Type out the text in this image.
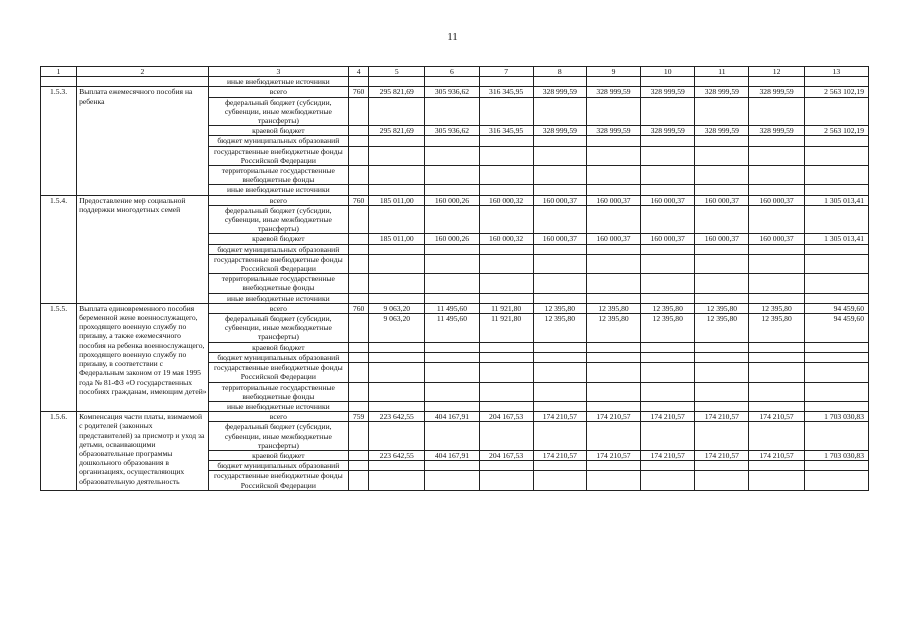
11
1	2	3	4	5	6	7	8	9	10	11	12	13
		иные внебюджетные источники										
1.5.3.	Выплата ежемесячного пособия на ребенка	всего	760	295 821,69	305 936,62	316 345,95	328 999,59	328 999,59	328 999,59	328 999,59	328 999,59	2 563 102,19
		федеральный бюджет (субсидии, субвенции, иные межбюджетные трансферты)										
		краевой бюджет		295 821,69	305 936,62	316 345,95	328 999,59	328 999,59	328 999,59	328 999,59	328 999,59	2 563 102,19
		бюджет муниципальных образований										
		государственные внебюджетные фонды Российской Федерации										
		территориальные государственные внебюджетные фонды										
		иные внебюджетные источники										
1.5.4.	Предоставление мер социальной поддержки многодетных семей	всего	760	185 011,00	160 000,26	160 000,32	160 000,37	160 000,37	160 000,37	160 000,37	160 000,37	1 305 013,41
		федеральный бюджет (субсидии, субвенции, иные межбюджетные трансферты)										
		краевой бюджет		185 011,00	160 000,26	160 000,32	160 000,37	160 000,37	160 000,37	160 000,37	160 000,37	1 305 013,41
		бюджет муниципальных образований										
		государственные внебюджетные фонды Российской Федерации										
		территориальные государственные внебюджетные фонды										
		иные внебюджетные источники										
1.5.5.	Выплата единовременного пособия беременной жене военнослужащего, проходящего военную службу по призыву, а также ежемесячного пособия на ребенка военнослужащего, проходящего военную службу по призыву, в соответствии с Федеральным законом от 19 мая 1995 года № 81-ФЗ «О государственных пособиях гражданам, имеющим детей»	всего	760	9 063,20	11 495,60	11 921,80	12 395,80	12 395,80	12 395,80	12 395,80	12 395,80	94 459,60
		федеральный бюджет (субсидии, субвенции, иные межбюджетные трансферты)		9 063,20	11 495,60	11 921,80	12 395,80	12 395,80	12 395,80	12 395,80	12 395,80	94 459,60
		краевой бюджет										
		бюджет муниципальных образований										
		государственные внебюджетные фонды Российской Федерации										
		территориальные государственные внебюджетные фонды										
		иные внебюджетные источники										
1.5.6.	Компенсация части платы, взимаемой с родителей (законных представителей) за присмотр и уход за детьми, осваивающими образовательные программы дошкольного образования в организациях, осуществляющих образовательную деятельность	всего	759	223 642,55	404 167,91	204 167,53	174 210,57	174 210,57	174 210,57	174 210,57	174 210,57	1 703 030,83
		федеральный бюджет (субсидии, субвенции, иные межбюджетные трансферты)										
		краевой бюджет		223 642,55	404 167,91	204 167,53	174 210,57	174 210,57	174 210,57	174 210,57	174 210,57	1 703 030,83
		бюджет муниципальных образований										
		государственные внебюджетные фонды Российской Федерации										
